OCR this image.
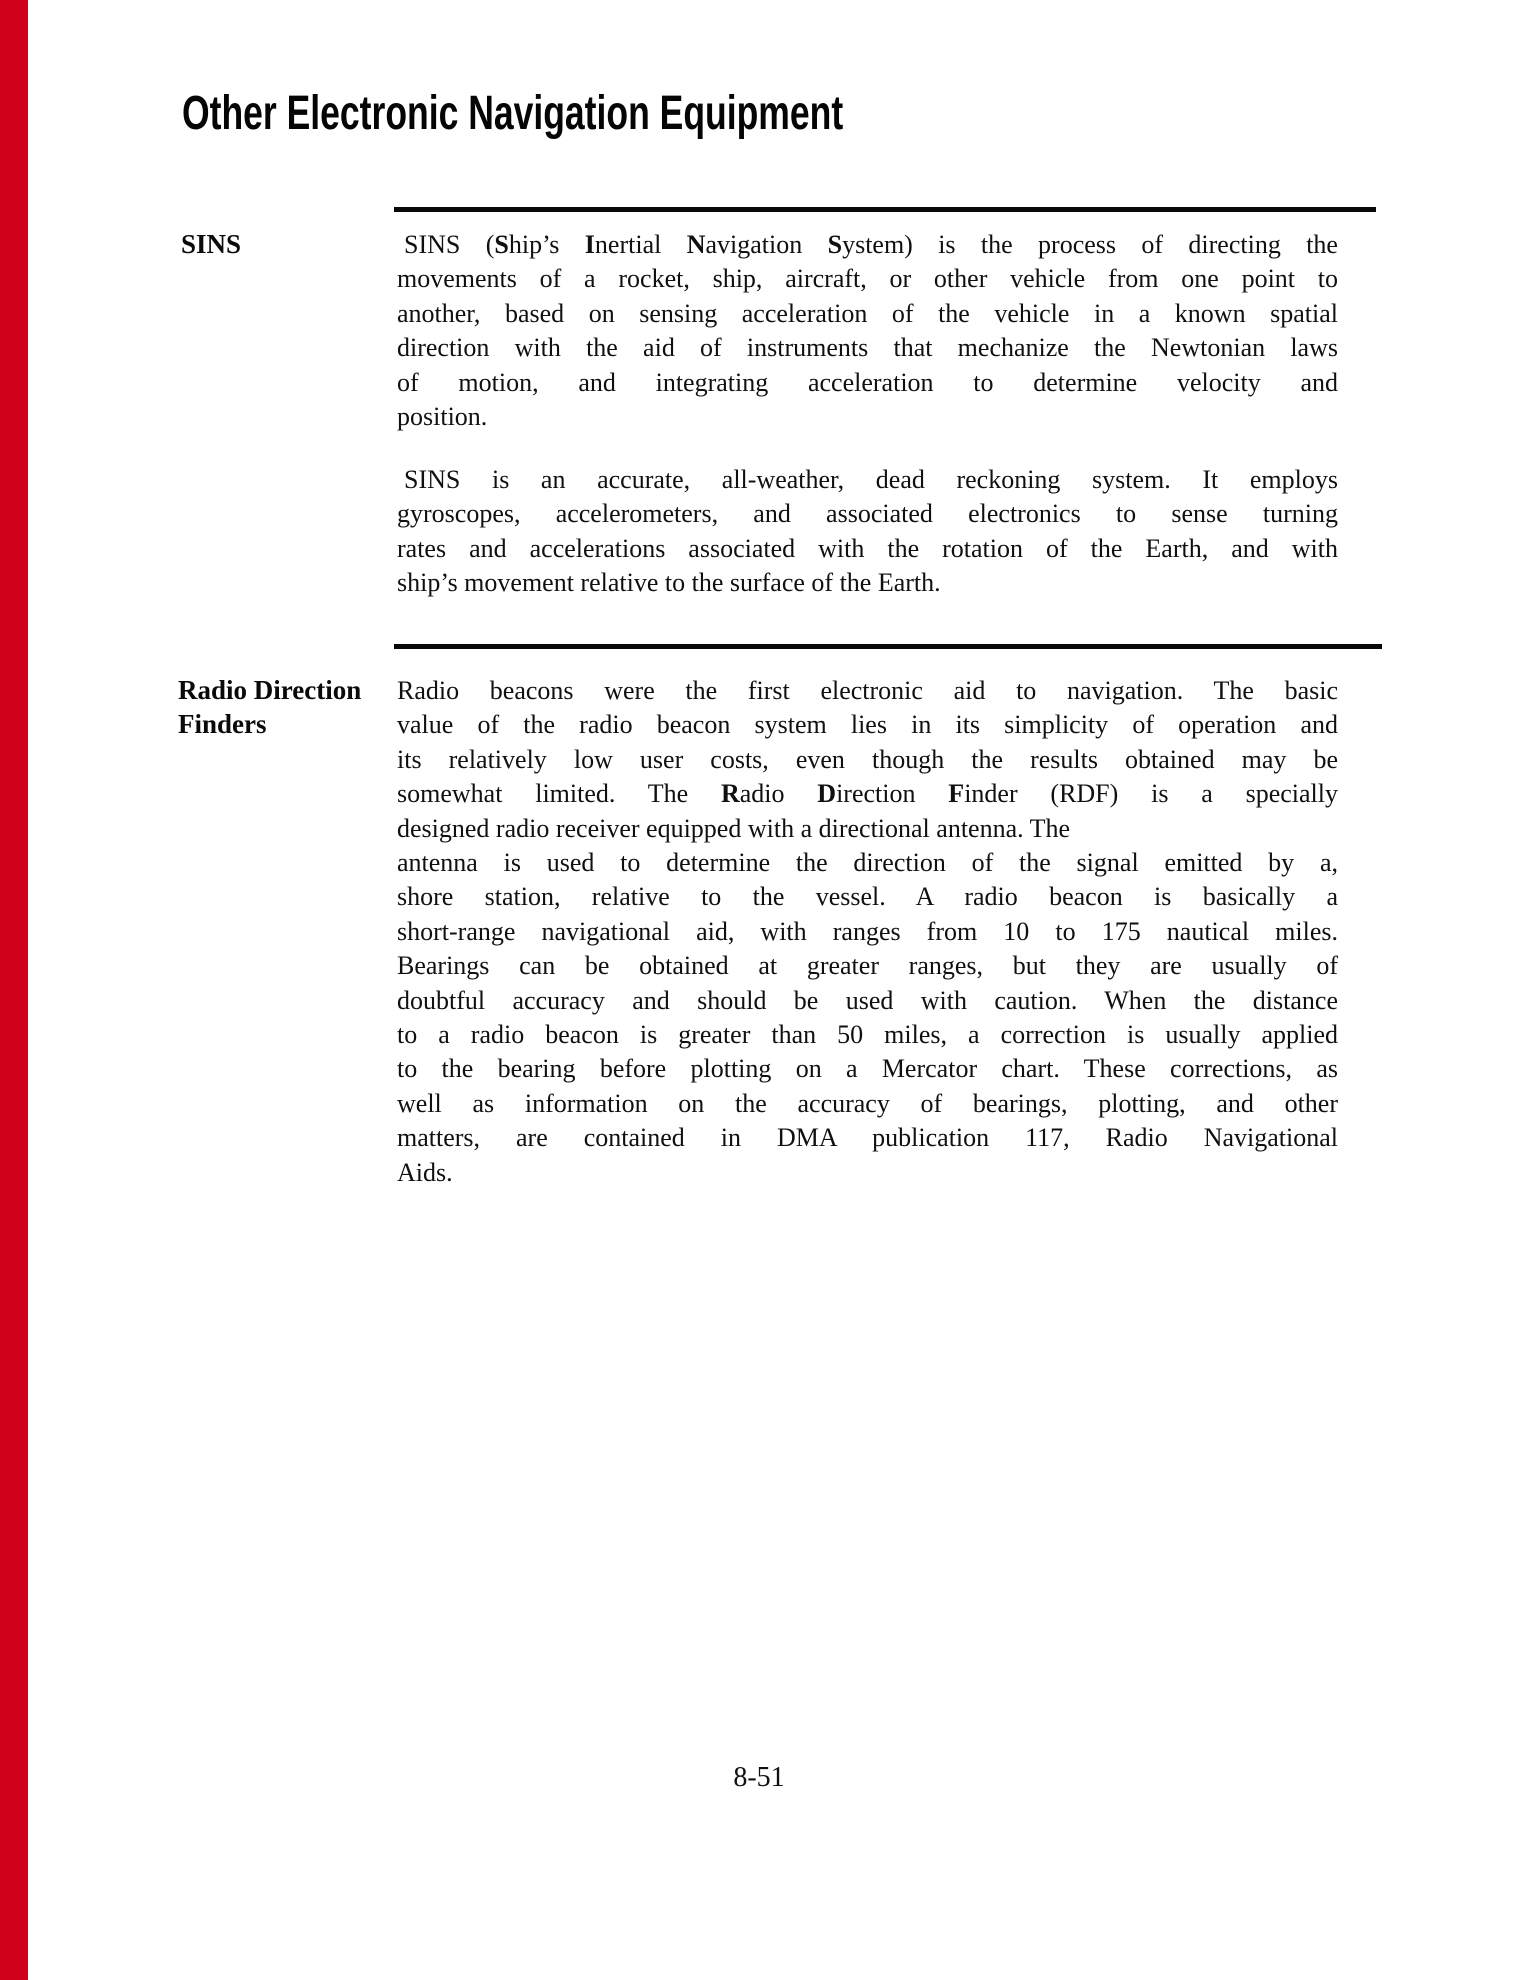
Other Electronic Navigation Equipment
SINS	SINS (Ship’s Inertial Navigation System) is the process of directing the
movements of a rocket, ship, aircraft, or other vehicle from one point to
another, based on sensing acceleration of the vehicle in a known spatial
direction with the aid of instruments that mechanize the Newtonian laws
of motion, and integrating acceleration to determine velocity and
position.
SINS is an accurate, all-weather, dead reckoning system. It employs
gyroscopes, accelerometers, and associated electronics to sense turning
rates and accelerations associated with the rotation of the Earth, and with
ship’s movement relative to the surface of the Earth.
Radio Direction
Finders
Radio beacons were the first electronic aid to navigation. The basic
value of the radio beacon system lies in its simplicity of operation and
its relatively low user costs, even though the results obtained may be
somewhat limited. The Radio Direction Finder (RDF) is a specially
designed radio receiver equipped with a directional antenna. The
antenna is used to determine the direction of the signal emitted by a,
shore station, relative to the vessel. A radio beacon is basically a
short-range navigational aid, with ranges from 10 to 175 nautical miles.
Bearings can be obtained at greater ranges, but they are usually of
doubtful accuracy and should be used with caution. When the distance
to a radio beacon is greater than 50 miles, a correction is usually applied
to the bearing before plotting on a Mercator chart. These corrections, as
well as information on the accuracy of bearings, plotting, and other
matters, are contained in DMA publication 117, Radio Navigational
Aids.
8-51
